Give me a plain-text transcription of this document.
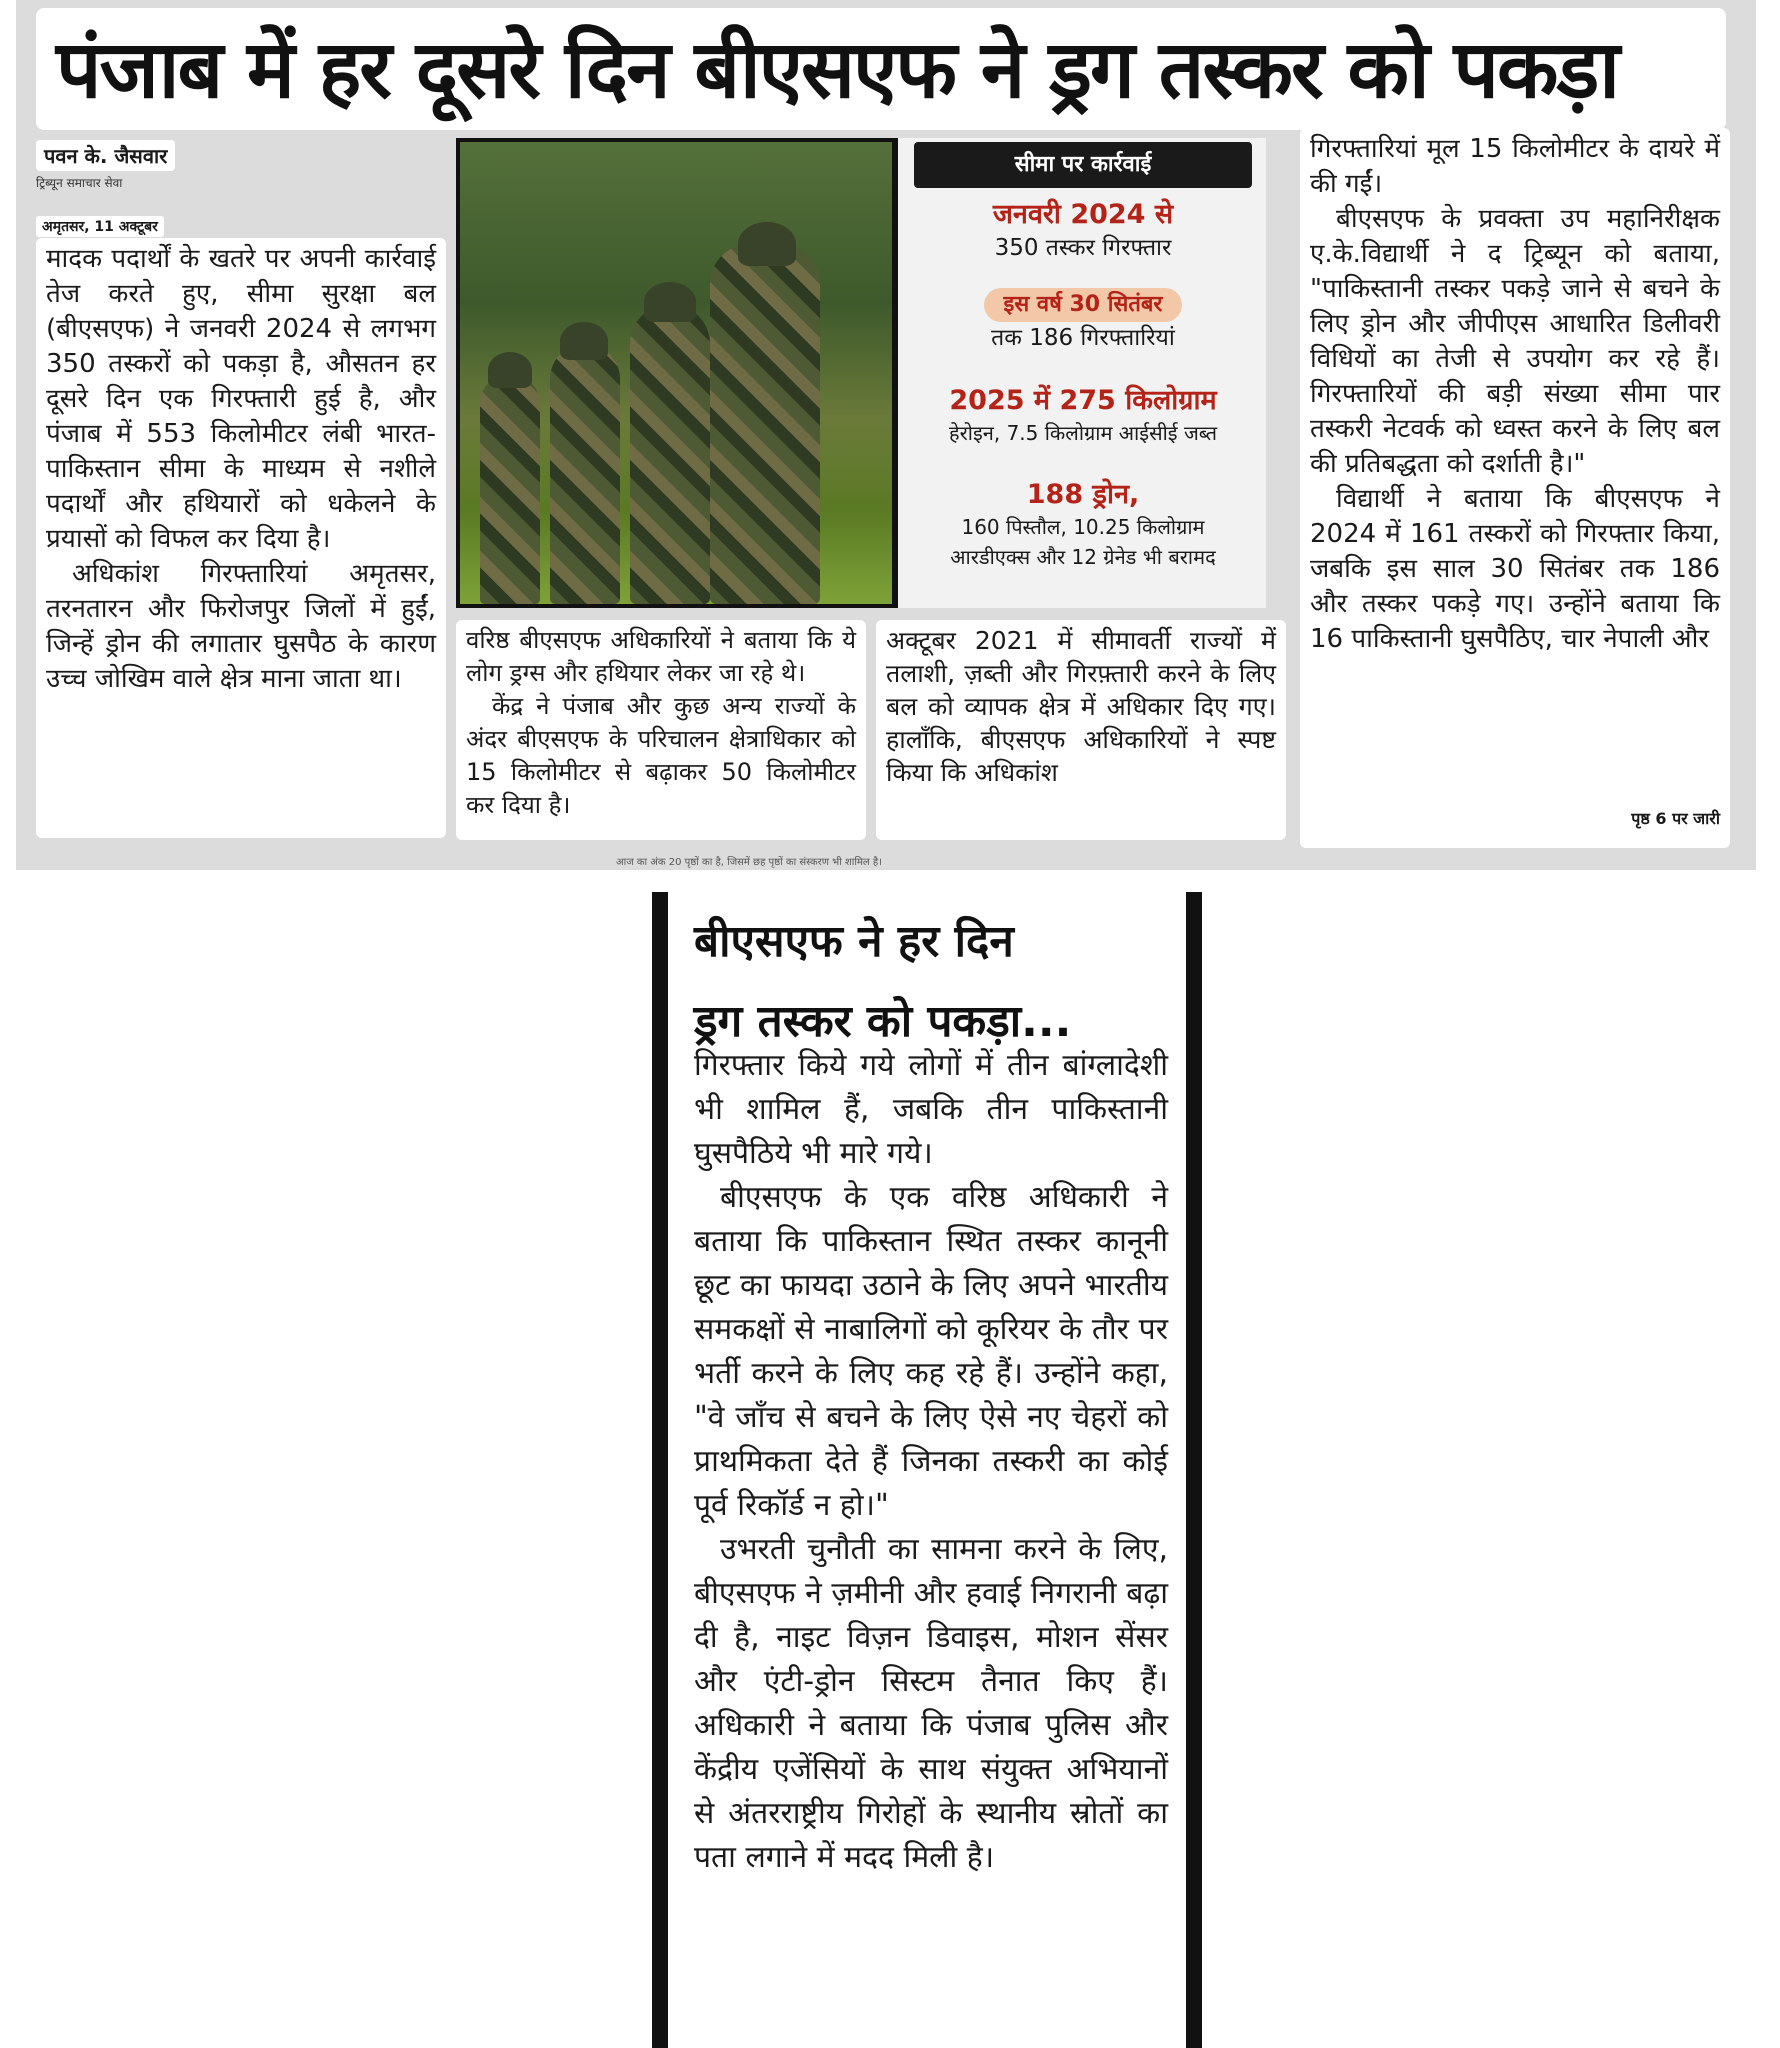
पंजाब में हर दूसरे दिन बीएसएफ ने ड्रग तस्कर को पकड़ा
पवन के. जैसवार
ट्रिब्यून समाचार सेवा
अमृतसर, 11 अक्टूबर

मादक पदार्थों के खतरे पर अपनी कार्रवाई तेज करते हुए, सीमा सुरक्षा बल (बीएसएफ) ने जनवरी 2024 से लगभग 350 तस्करों को पकड़ा है, औसतन हर दूसरे दिन एक गिरफ्तारी हुई है, और पंजाब में 553 किलोमीटर लंबी भारत-पाकिस्तान सीमा के माध्यम से नशीले पदार्थों और हथियारों को धकेलने के प्रयासों को विफल कर दिया है।

अधिकांश गिरफ्तारियां अमृतसर, तरनतारन और फिरोजपुर जिलों में हुईं, जिन्हें ड्रोन की लगातार घुसपैठ के कारण उच्च जोखिम वाले क्षेत्र माना जाता था।

सीमा पर कार्रवाई
जनवरी 2024 से
350 तस्कर गिरफ्तार
इस वर्ष 30 सितंबर
तक 186 गिरफ्तारियां
2025 में 275 किलोग्राम
हेरोइन, 7.5 किलोग्राम आईसीई जब्त
188 ड्रोन,
160 पिस्तौल, 10.25 किलोग्राम
आरडीएक्स और 12 ग्रेनेड भी बरामद

वरिष्ठ बीएसएफ अधिकारियों ने बताया कि ये लोग ड्रग्स और हथियार लेकर जा रहे थे।

केंद्र ने पंजाब और कुछ अन्य राज्यों के अंदर बीएसएफ के परिचालन क्षेत्राधिकार को 15 किलोमीटर से बढ़ाकर 50 किलोमीटर कर दिया है।

अक्टूबर 2021 में सीमावर्ती राज्यों में तलाशी, ज़ब्ती और गिरफ़्तारी करने के लिए बल को व्यापक क्षेत्र में अधिकार दिए गए। हालाँकि, बीएसएफ अधिकारियों ने स्पष्ट किया कि अधिकांश

गिरफ्तारियां मूल 15 किलोमीटर के दायरे में की गईं।

बीएसएफ के प्रवक्ता उप महानिरीक्षक ए.के.विद्यार्थी ने द ट्रिब्यून को बताया, "पाकिस्तानी तस्कर पकड़े जाने से बचने के लिए ड्रोन और जीपीएस आधारित डिलीवरी विधियों का तेजी से उपयोग कर रहे हैं। गिरफ्तारियों की बड़ी संख्या सीमा पार तस्करी नेटवर्क को ध्वस्त करने के लिए बल की प्रतिबद्धता को दर्शाती है।"

विद्यार्थी ने बताया कि बीएसएफ ने 2024 में 161 तस्करों को गिरफ्तार किया, जबकि इस साल 30 सितंबर तक 186 और तस्कर पकड़े गए। उन्होंने बताया कि 16 पाकिस्तानी घुसपैठिए, चार नेपाली और

पृष्ठ 6 पर जारी
आज का अंक 20 पृष्ठों का है, जिसमें छह पृष्ठों का संस्करण भी शामिल है।
बीएसएफ ने हर दिन
ड्रग तस्कर को पकड़ा...

गिरफ्तार किये गये लोगों में तीन बांग्लादेशी भी शामिल हैं, जबकि तीन पाकिस्तानी घुसपैठिये भी मारे गये।

बीएसएफ के एक वरिष्ठ अधिकारी ने बताया कि पाकिस्तान स्थित तस्कर कानूनी छूट का फायदा उठाने के लिए अपने भारतीय समकक्षों से नाबालिगों को कूरियर के तौर पर भर्ती करने के लिए कह रहे हैं। उन्होंने कहा, "वे जाँच से बचने के लिए ऐसे नए चेहरों को प्राथमिकता देते हैं जिनका तस्करी का कोई पूर्व रिकॉर्ड न हो।"

उभरती चुनौती का सामना करने के लिए, बीएसएफ ने ज़मीनी और हवाई निगरानी बढ़ा दी है, नाइट विज़न डिवाइस, मोशन सेंसर और एंटी-ड्रोन सिस्टम तैनात किए हैं। अधिकारी ने बताया कि पंजाब पुलिस और केंद्रीय एजेंसियों के साथ संयुक्त अभियानों से अंतरराष्ट्रीय गिरोहों के स्थानीय स्रोतों का पता लगाने में मदद मिली है।
